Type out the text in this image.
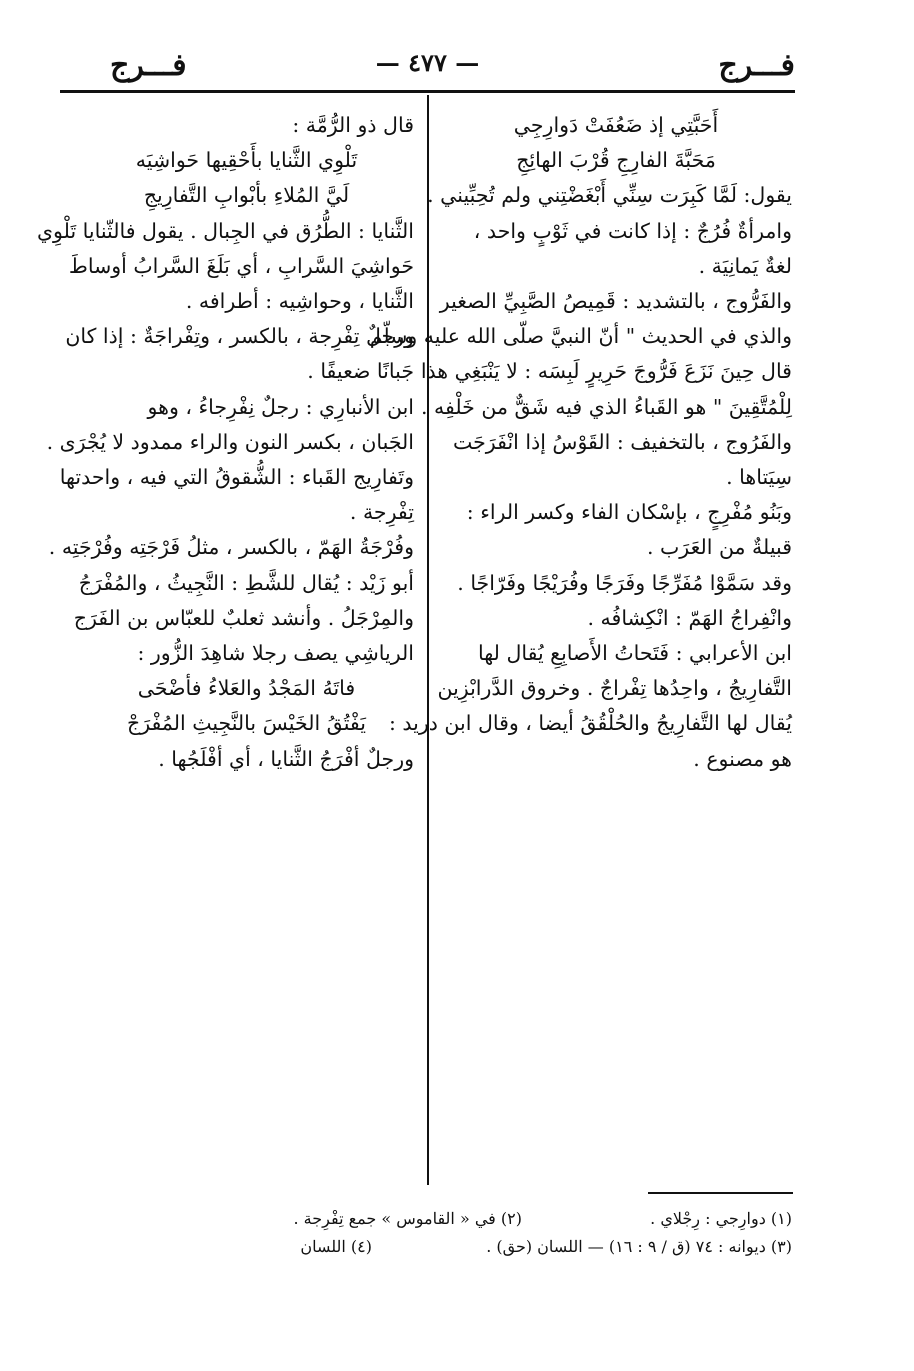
فـــرج
— ٤٧٧ —
فـــرج

أَحَبَّتِي إذ ضَعُفَتْ دَوارِجِي

مَحَبَّةَ الفارِجِ قُرْبَ الهائِجِ

يقول: لَمَّا كَبِرَت سِنِّي أَبْغَضْتِني ولم تُحِبِّيني .

وامرأةٌ فُرُجٌ : إذا كانت في ثَوْبٍ واحد ،

لغةٌ يَمانِيَة .

والفَرُّوج ، بالتشديد : قَمِيصُ الصَّبِيِّ الصغير

والذي في الحديث " أنّ النبيَّ صلّى الله عليه وسلّم

قال حِينَ نَزَعَ فَرُّوجَ حَرِيرٍ لَبِسَه : لا يَنْبَغِي هذا

لِلْمُتَّقِينَ " هو القَباءُ الذي فيه شَقٌّ من خَلْفِه .

والفَرُوج ، بالتخفيف : القَوْسُ إذا انْفَرَجَت

سِيَتاها .

وبَنُو مُفْرِجٍ ، بإسْكان الفاء وكسر الراء :

قبيلةٌ من العَرَب .

وقد سَمَّوْا مُفَرِّجًا وفَرَجًا وفُرَيْجًا وفَرّاجًا .

وانْفِراجُ الهَمّ : انْكِشافُه .

ابن الأعرابي : فَتَحاتُ الأَصابِعِ يُقال لها

التَّفارِيجُ ، واحِدُها تِفْراجٌ . وخروق الدَّرابْزِين

يُقال لها التَّفارِيجُ والحُلْقُقُ أيضا ، وقال ابن دريد :

هو مصنوع .

قال ذو الرُّمَّة :

تَلْوِي الثَّنايا بأَحْقِيها حَواشِيَه

لَيَّ المُلاءِ بأبْوابِ التَّفارِيجِ

الثَّنايا : الطُّرُق في الجِبال . يقول فالثّنايا تَلْوِي

حَواشِيَ السَّرابِ ، أي بَلَغَ السَّرابُ أوساطَ

الثَّنايا ، وحواشِيه : أطرافه .

ورجلٌ تِفْرِجة ، بالكسر ، وتِفْراجَةٌ : إذا كان

جَبانًا ضعيفًا .

ابن الأنبارِي : رجلٌ نِفْرِجاءُ ، وهو

الجَبان ، بكسر النون والراء ممدود لا يُجْرَى .

وتَفارِيج القَباء : الشُّقوقُ التي فيه ، واحدتها

تِفْرِجة .

وفُرْجَةُ الهَمّ ، بالكسر ، مثلُ فَرْجَتِه وفُرْجَتِه .

أبو زَيْد : يُقال للشَّطِ : النَّجِيثُ ، والمُفْرَجُ

والمِرْجَلُ . وأنشد ثعلبٌ للعبّاس بن الفَرَج

الرياشِي يصف رجلا شاهِدَ الزُّور :

فاتَهُ المَجْدُ والعَلاءُ فأضْحَى

يَفْتُقُ الخَيْسَ بالنَّجِيثِ المُفْرَجْ

ورجلٌ أفْرَجُ الثَّنايا ، أي أفْلَجُها .

(١) دوارِجي : رِجْلاي .
(٢) في « القاموس » جمع تِفْرِجة .
(٣) ديوانه : ٧٤ (ق / ٩ : ١٦) — اللسان (حق) .
(٤) اللسان
